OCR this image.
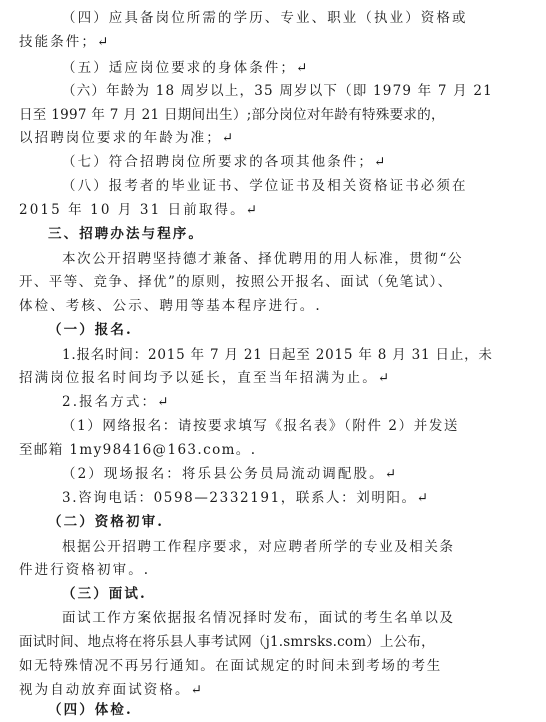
（四）应具备岗位所需的学历、专业、职业（执业）资格或
技能条件；↵
（五）适应岗位要求的身体条件；↵
（六）年龄为 18 周岁以上，35 周岁以下（即 1979 年 7 月 21
日至 1997 年 7 月 21 日期间出生）;部分岗位对年龄有特殊要求的，
以招聘岗位要求的年龄为准；↵
（七）符合招聘岗位所要求的各项其他条件；↵
（八）报考者的毕业证书、学位证书及相关资格证书必须在
2015 年 10 月 31 日前取得。↵
三、招聘办法与程序。
本次公开招聘坚持德才兼备、择优聘用的用人标准，贯彻“公
开、平等、竞争、择优”的原则，按照公开报名、面试（免笔试）、
体检、考核、公示、聘用等基本程序进行。.
（一）报名.
1.报名时间：2015 年 7 月 21 日起至 2015 年 8 月 31 日止，未
招满岗位报名时间均予以延长，直至当年招满为止。↵
2.报名方式：↵
（1）网络报名：请按要求填写《报名表》（附件 2）并发送
至邮箱 1my98416@163.com。.
（2）现场报名：将乐县公务员局流动调配股。↵
3.咨询电话：0598—2332191，联系人：刘明阳。↵
（二）资格初审.
根据公开招聘工作程序要求，对应聘者所学的专业及相关条
件进行资格初审。.
（三）面试.
面试工作方案依据报名情况择时发布，面试的考生名单以及
面试时间、地点将在将乐县人事考试网（j1.smrsks.com）上公布，
如无特殊情况不再另行通知。在面试规定的时间未到考场的考生
视为自动放弃面试资格。↵
（四）体检.
